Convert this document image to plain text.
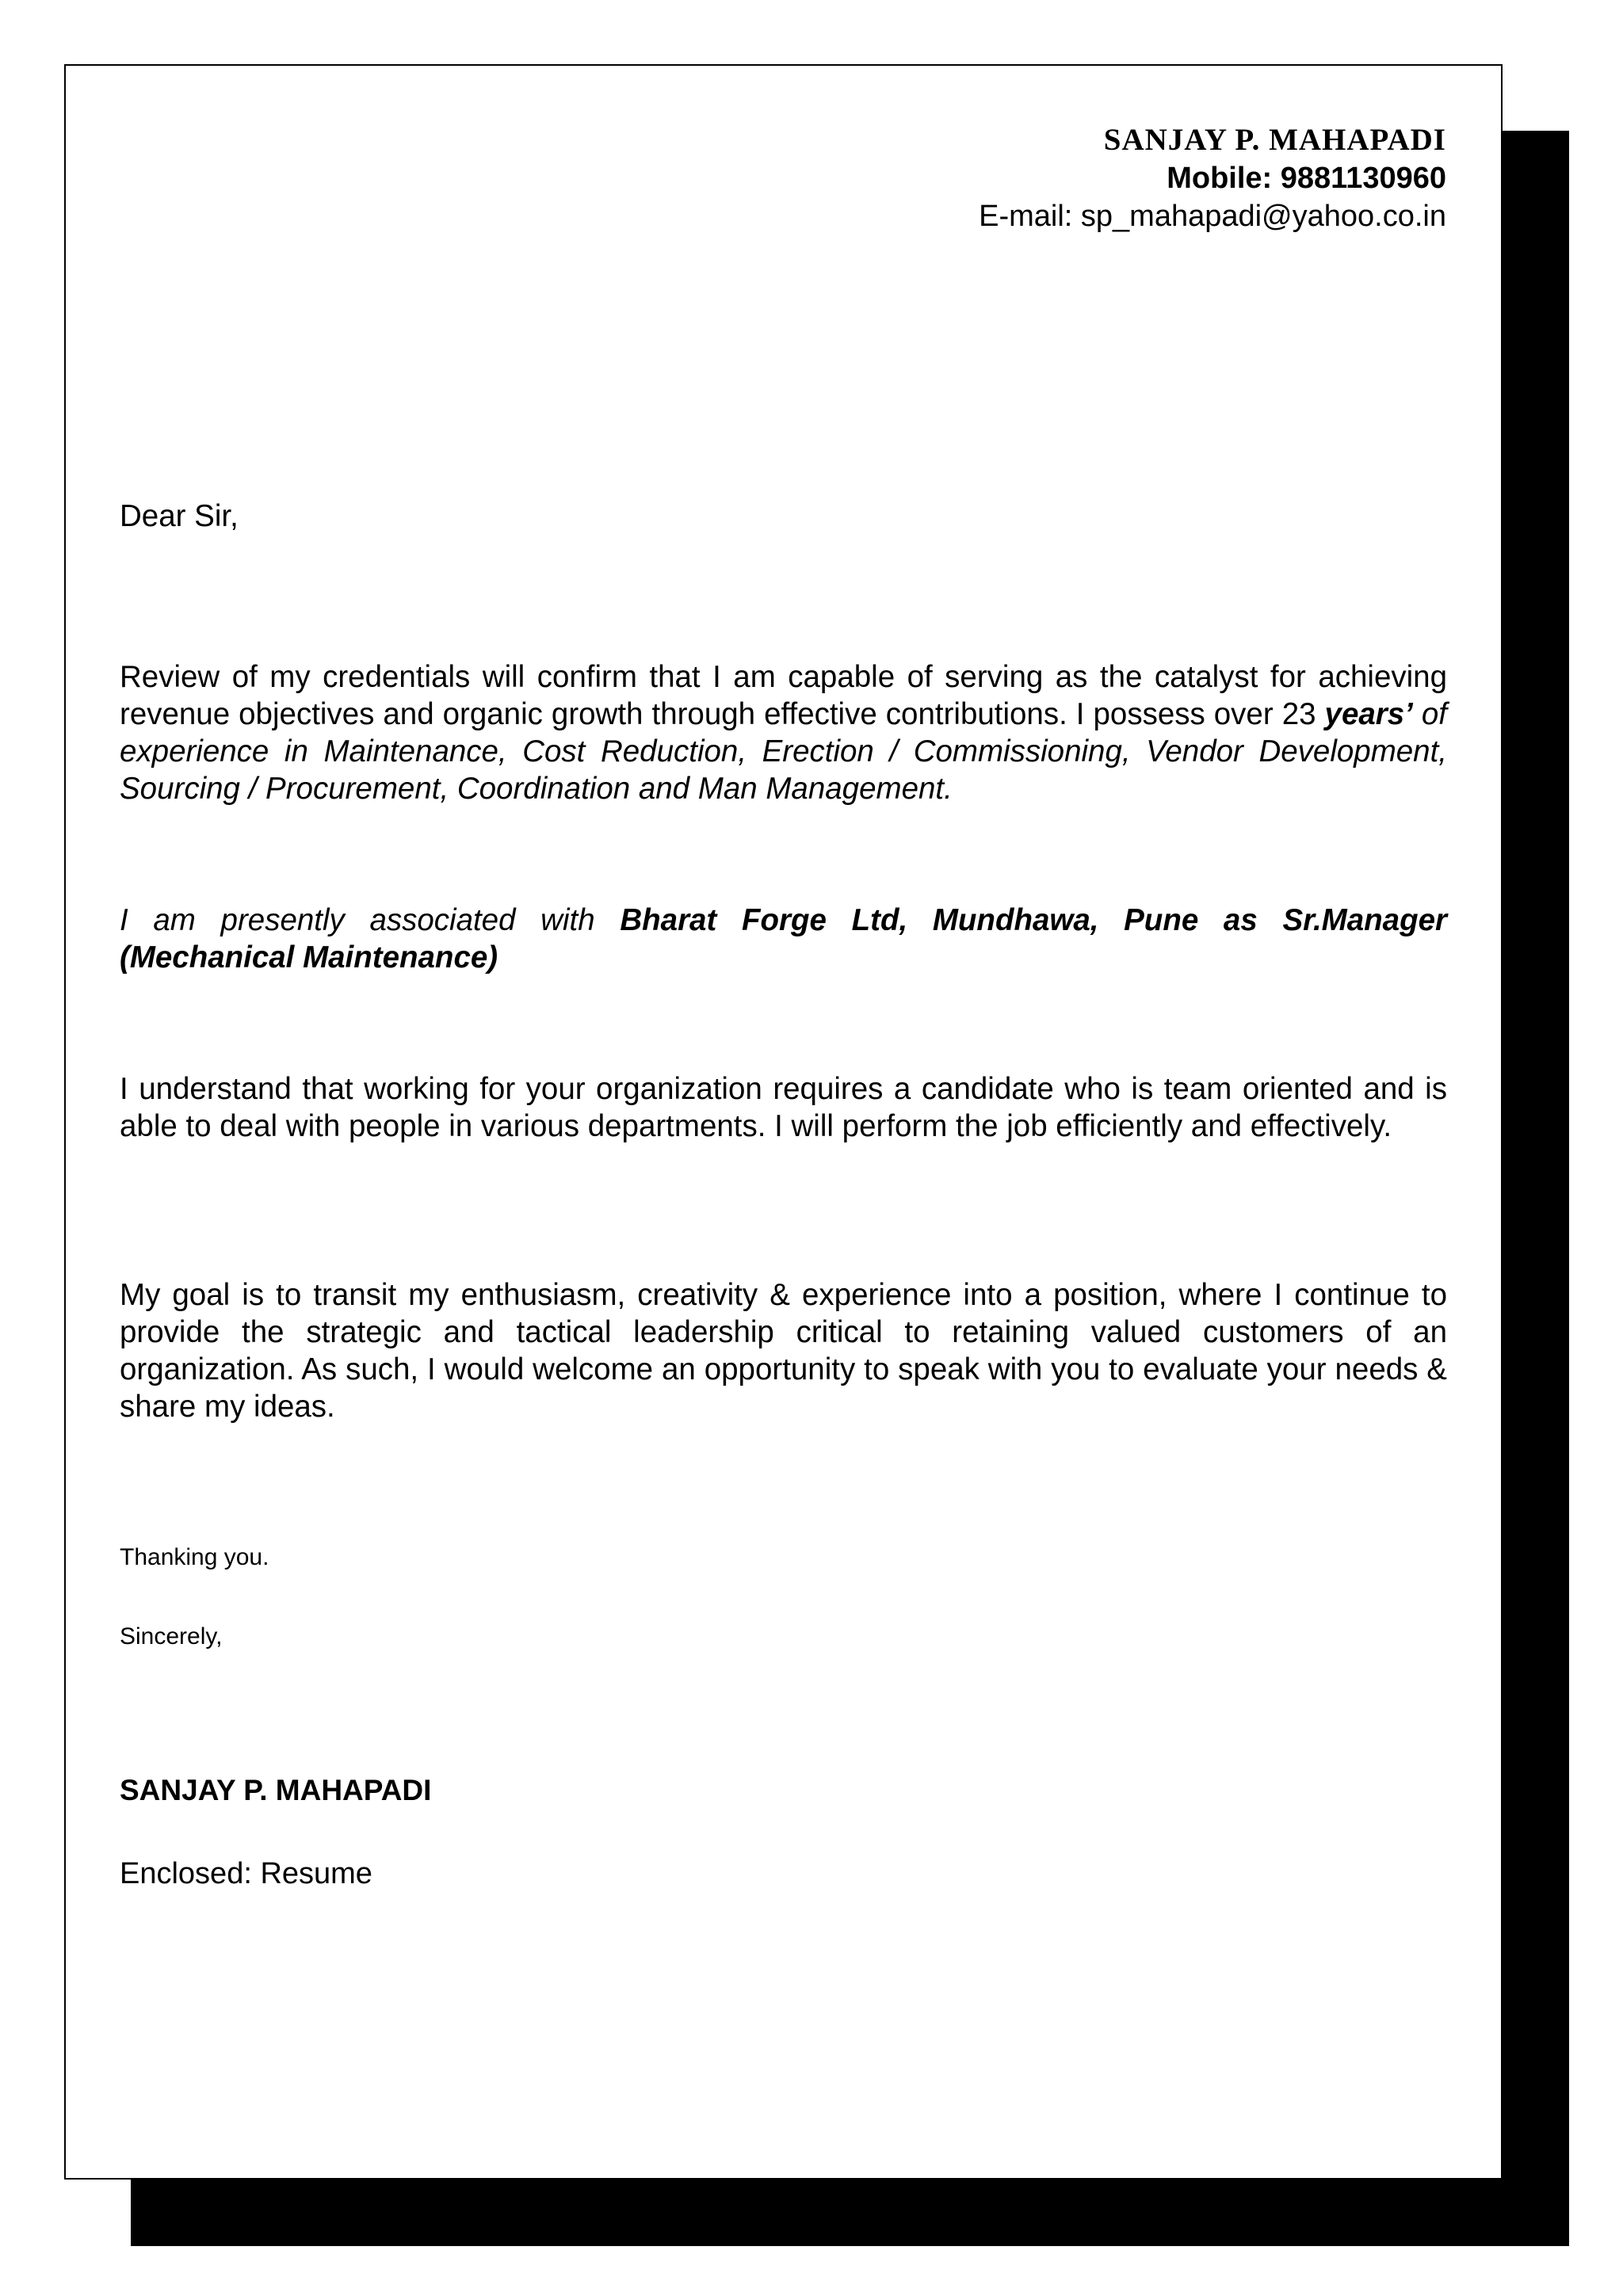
SANJAY P. MAHAPADI
Mobile: 9881130960
E-mail: sp_mahapadi@yahoo.co.in
Dear Sir,
Review of my credentials will confirm that I am capable of serving as the catalyst for achieving revenue objectives and organic growth through effective contributions. I possess over 23 years’ of experience in Maintenance, Cost Reduction, Erection / Commissioning, Vendor Development, Sourcing / Procurement, Coordination and Man Management.
I am presently associated with Bharat Forge Ltd, Mundhawa, Pune as Sr.Manager (Mechanical Maintenance)
I understand that working for your organization requires a candidate who is team oriented and is able to deal with people in various departments. I will perform the job efficiently and effectively.
My goal is to transit my enthusiasm, creativity & experience into a position, where I continue to provide the strategic and tactical leadership critical to retaining valued customers of an organization. As such, I would welcome an opportunity to speak with you to evaluate your needs & share my ideas.
Thanking you.
Sincerely,
SANJAY P. MAHAPADI
Enclosed: Resume
